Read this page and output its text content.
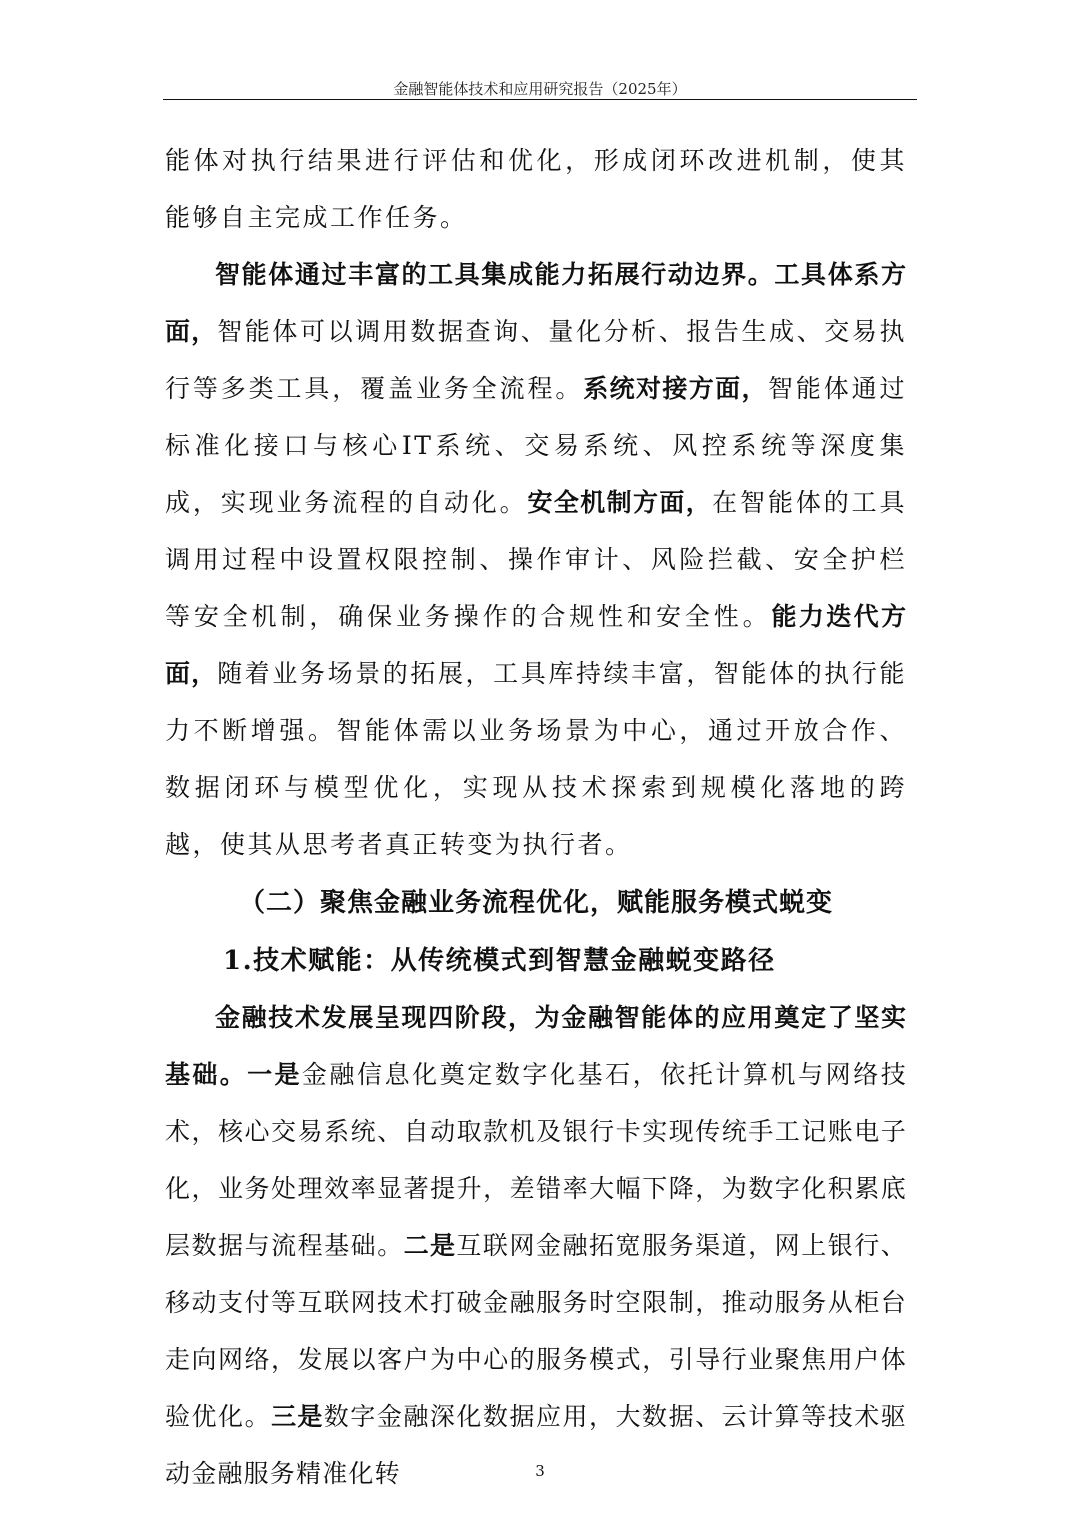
金融智能体技术和应用研究报告（2025年）

能体对执行结果进行评估和优化，形成闭环改进机制，使其能够自主完成工作任务。

智能体通过丰富的工具集成能力拓展行动边界。工具体系方面，智能体可以调用数据查询、量化分析、报告生成、交易执行等多类工具，覆盖业务全流程。系统对接方面，智能体通过标准化接口与核心IT系统、交易系统、风控系统等深度集成，实现业务流程的自动化。安全机制方面，在智能体的工具调用过程中设置权限控制、操作审计、风险拦截、安全护栏等安全机制，确保业务操作的合规性和安全性。能力迭代方面，随着业务场景的拓展，工具库持续丰富，智能体的执行能力不断增强。智能体需以业务场景为中心，通过开放合作、数据闭环与模型优化，实现从技术探索到规模化落地的跨越，使其从思考者真正转变为执行者。

（二）聚焦金融业务流程优化，赋能服务模式蜕变
1.技术赋能：从传统模式到智慧金融蜕变路径

金融技术发展呈现四阶段，为金融智能体的应用奠定了坚实基础。一是金融信息化奠定数字化基石，依托计算机与网络技术，核心交易系统、自动取款机及银行卡实现传统手工记账电子化，业务处理效率显著提升，差错率大幅下降，为数字化积累底层数据与流程基础。二是互联网金融拓宽服务渠道，网上银行、移动支付等互联网技术打破金融服务时空限制，推动服务从柜台走向网络，发展以客户为中心的服务模式，引导行业聚焦用户体验优化。三是数字金融深化数据应用，大数据、云计算等技术驱动金融服务精准化转	3
